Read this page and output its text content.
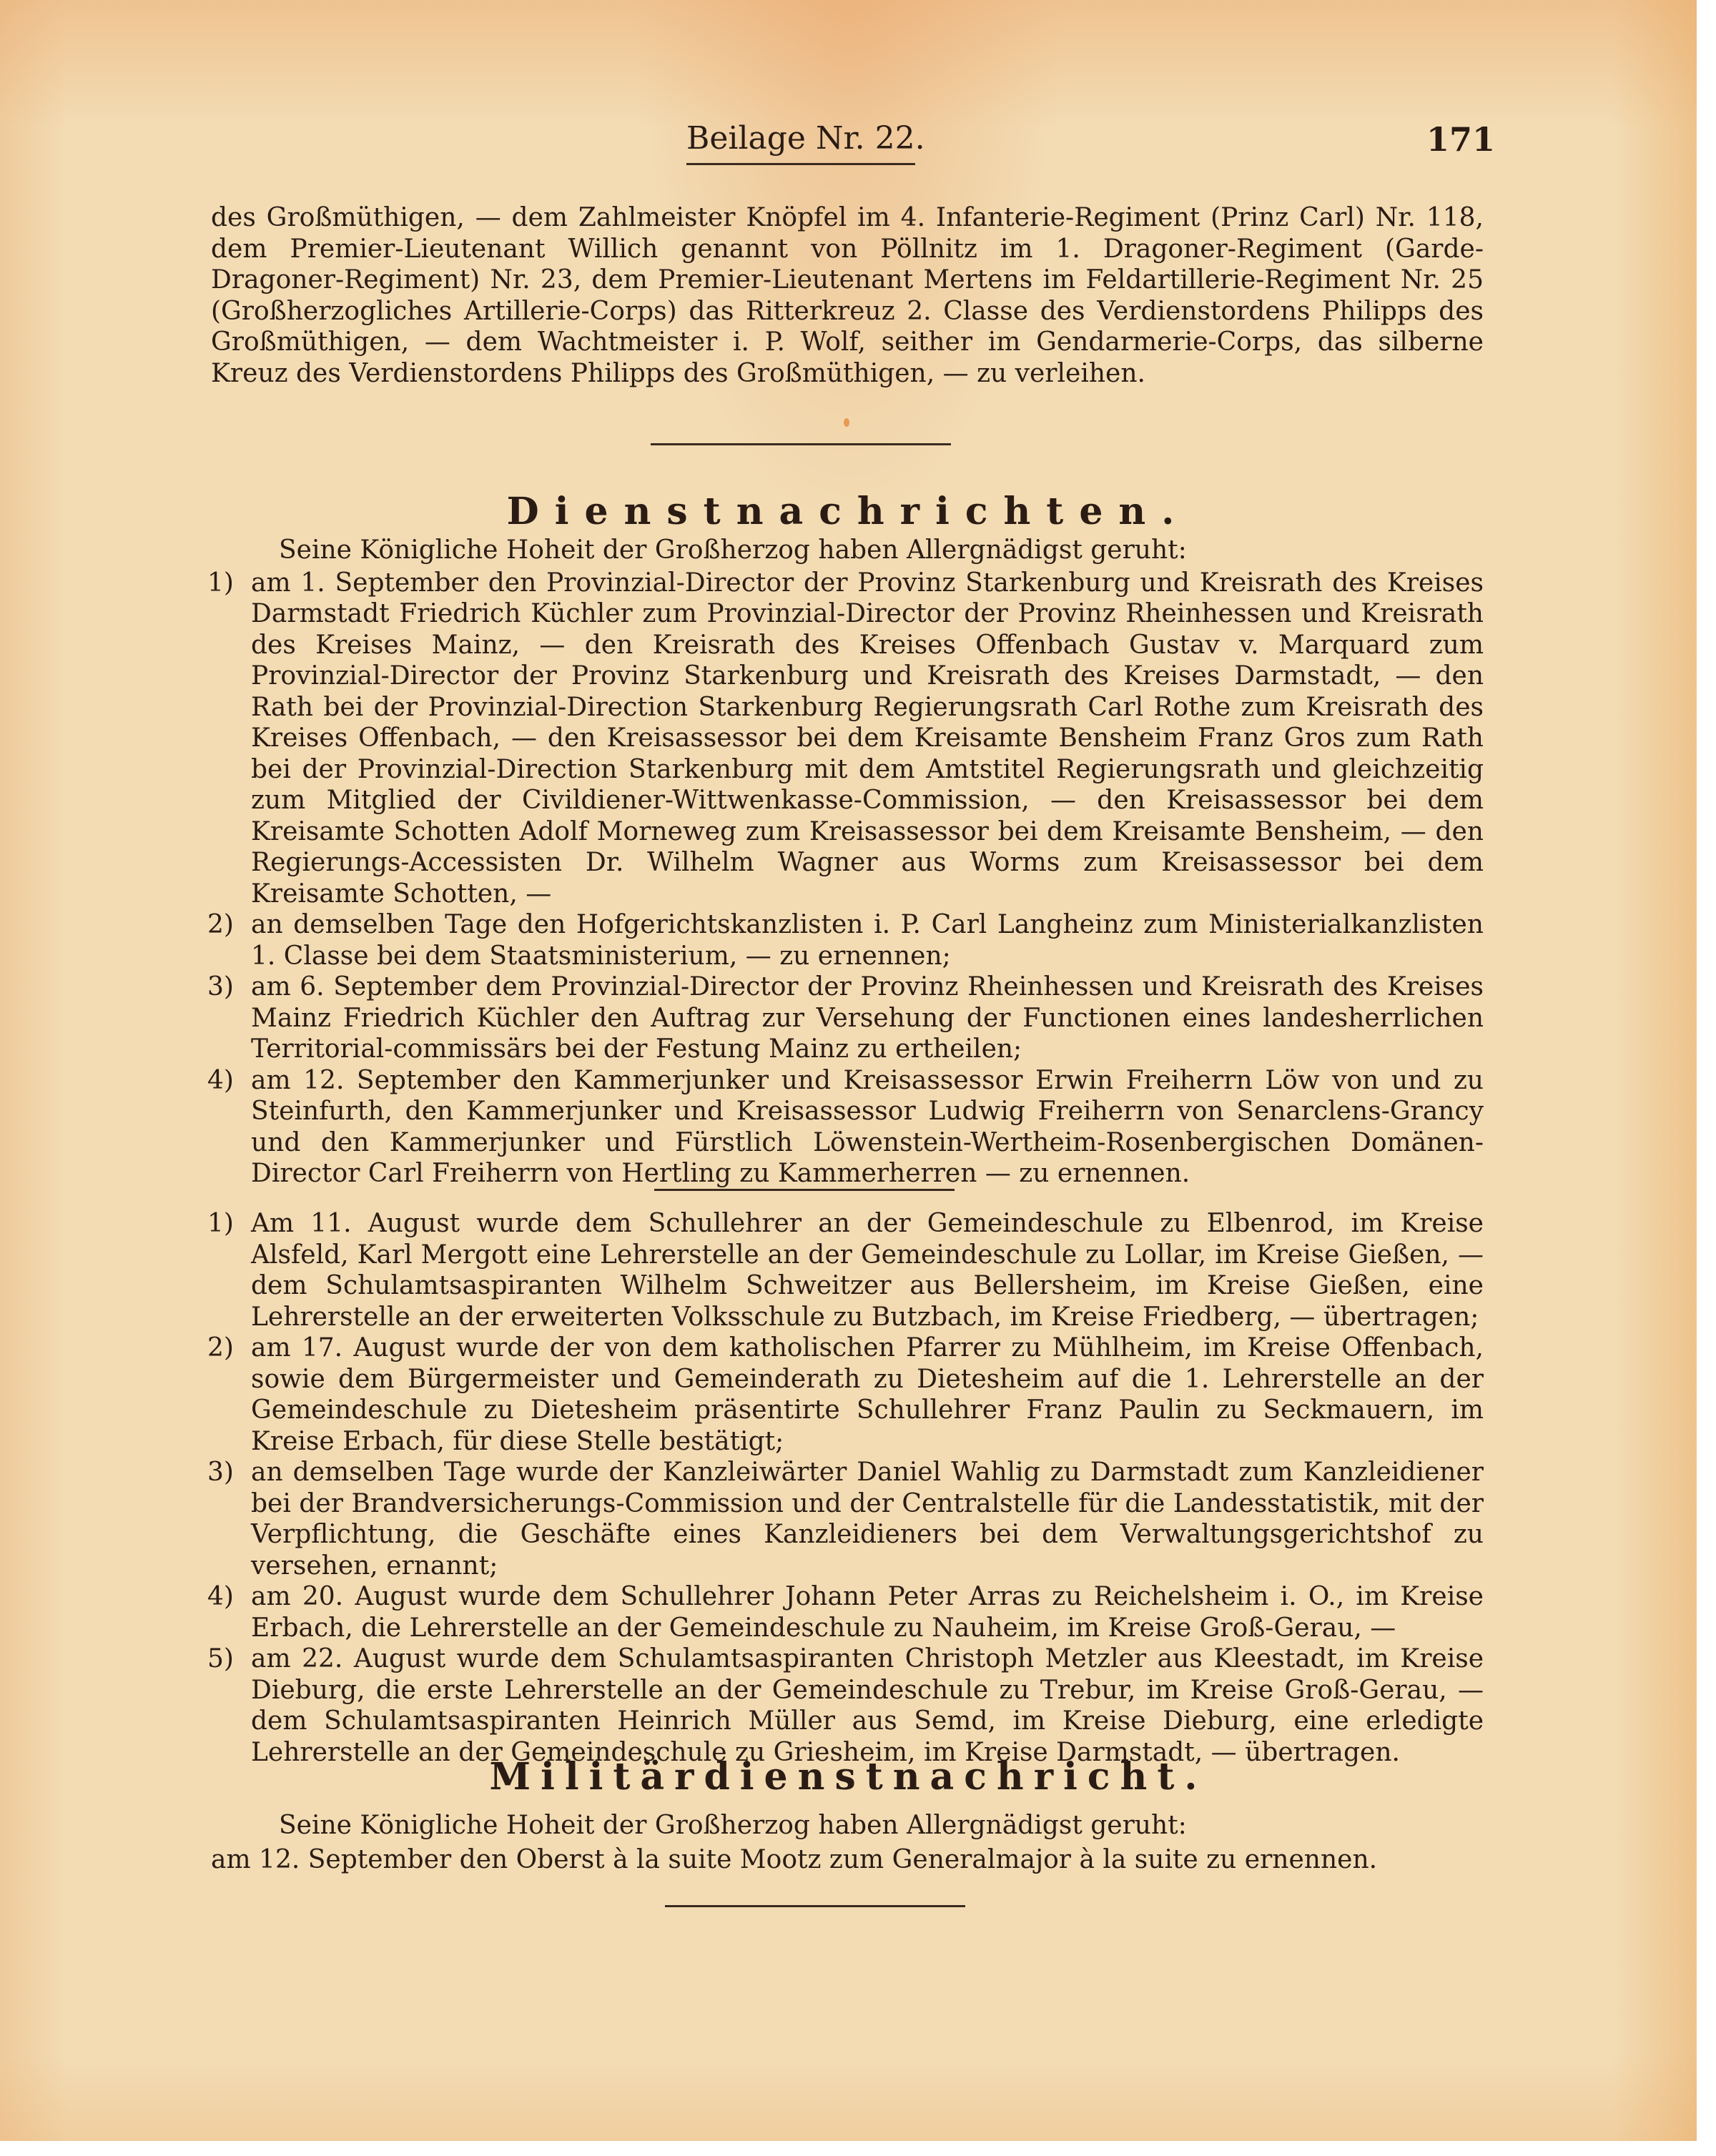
Beilage Nr. 22.	171

des Großmüthigen, — dem Zahlmeister Knöpfel im 4. Infanterie-Regiment (Prinz Carl) Nr. 118, dem Premier-Lieutenant Willich genannt von Pöllnitz im 1. Dragoner-Regiment (Garde-Dragoner-Regiment) Nr. 23, dem Premier-Lieutenant Mertens im Feldartillerie-Regiment Nr. 25 (Großherzogliches Artillerie-Corps) das Ritterkreuz 2. Classe des Verdienstordens Philipps des Großmüthigen, — dem Wachtmeister i. P. Wolf, seither im Gendarmerie-Corps, das silberne Kreuz des Verdienstordens Philipps des Großmüthigen, — zu verleihen.

Dienstnachrichten.

Seine Königliche Hoheit der Großherzog haben Allergnädigst geruht:

1) am 1. September den Provinzial-Director der Provinz Starkenburg und Kreisrath des Kreises Darmstadt Friedrich Küchler zum Provinzial-Director der Provinz Rheinhessen und Kreisrath des Kreises Mainz, — den Kreisrath des Kreises Offenbach Gustav v. Marquard zum Provinzial-Director der Provinz Starkenburg und Kreisrath des Kreises Darmstadt, — den Rath bei der Provinzial-Direction Starkenburg Regierungsrath Carl Rothe zum Kreisrath des Kreises Offenbach, — den Kreisassessor bei dem Kreisamte Bensheim Franz Gros zum Rath bei der Provinzial-Direction Starkenburg mit dem Amtstitel Regierungsrath und gleichzeitig zum Mitglied der Civildiener-Wittwenkasse-Commission, — den Kreisassessor bei dem Kreisamte Schotten Adolf Morneweg zum Kreisassessor bei dem Kreisamte Bensheim, — den Regierungs-Accessisten Dr. Wilhelm Wagner aus Worms zum Kreisassessor bei dem Kreisamte Schotten, —
2) an demselben Tage den Hofgerichtskanzlisten i. P. Carl Langheinz zum Ministerialkanzlisten 1. Classe bei dem Staatsministerium, — zu ernennen;
3) am 6. September dem Provinzial-Director der Provinz Rheinhessen und Kreisrath des Kreises Mainz Friedrich Küchler den Auftrag zur Versehung der Functionen eines landesherrlichen Territorial-commissärs bei der Festung Mainz zu ertheilen;
4) am 12. September den Kammerjunker und Kreisassessor Erwin Freiherrn Löw von und zu Steinfurth, den Kammerjunker und Kreisassessor Ludwig Freiherrn von Senarclens-Grancy und den Kammerjunker und Fürstlich Löwenstein-Wertheim-Rosenbergischen Domänen-Director Carl Freiherrn von Hertling zu Kammerherren — zu ernennen.
1) Am 11. August wurde dem Schullehrer an der Gemeindeschule zu Elbenrod, im Kreise Alsfeld, Karl Mergott eine Lehrerstelle an der Gemeindeschule zu Lollar, im Kreise Gießen, — dem Schulamtsaspiranten Wilhelm Schweitzer aus Bellersheim, im Kreise Gießen, eine Lehrerstelle an der erweiterten Volksschule zu Butzbach, im Kreise Friedberg, — übertragen;
2) am 17. August wurde der von dem katholischen Pfarrer zu Mühlheim, im Kreise Offenbach, sowie dem Bürgermeister und Gemeinderath zu Dietesheim auf die 1. Lehrerstelle an der Gemeindeschule zu Dietesheim präsentirte Schullehrer Franz Paulin zu Seckmauern, im Kreise Erbach, für diese Stelle bestätigt;
3) an demselben Tage wurde der Kanzleiwärter Daniel Wahlig zu Darmstadt zum Kanzleidiener bei der Brandversicherungs-Commission und der Centralstelle für die Landesstatistik, mit der Verpflichtung, die Geschäfte eines Kanzleidieners bei dem Verwaltungsgerichtshof zu versehen, ernannt;
4) am 20. August wurde dem Schullehrer Johann Peter Arras zu Reichelsheim i. O., im Kreise Erbach, die Lehrerstelle an der Gemeindeschule zu Nauheim, im Kreise Groß-Gerau, —
5) am 22. August wurde dem Schulamtsaspiranten Christoph Metzler aus Kleestadt, im Kreise Dieburg, die erste Lehrerstelle an der Gemeindeschule zu Trebur, im Kreise Groß-Gerau, — dem Schulamtsaspiranten Heinrich Müller aus Semd, im Kreise Dieburg, eine erledigte Lehrerstelle an der Gemeindeschule zu Griesheim, im Kreise Darmstadt, — übertragen.
Militärdienstnachricht.

Seine Königliche Hoheit der Großherzog haben Allergnädigst geruht:

am 12. September den Oberst à la suite Mootz zum Generalmajor à la suite zu ernennen.
